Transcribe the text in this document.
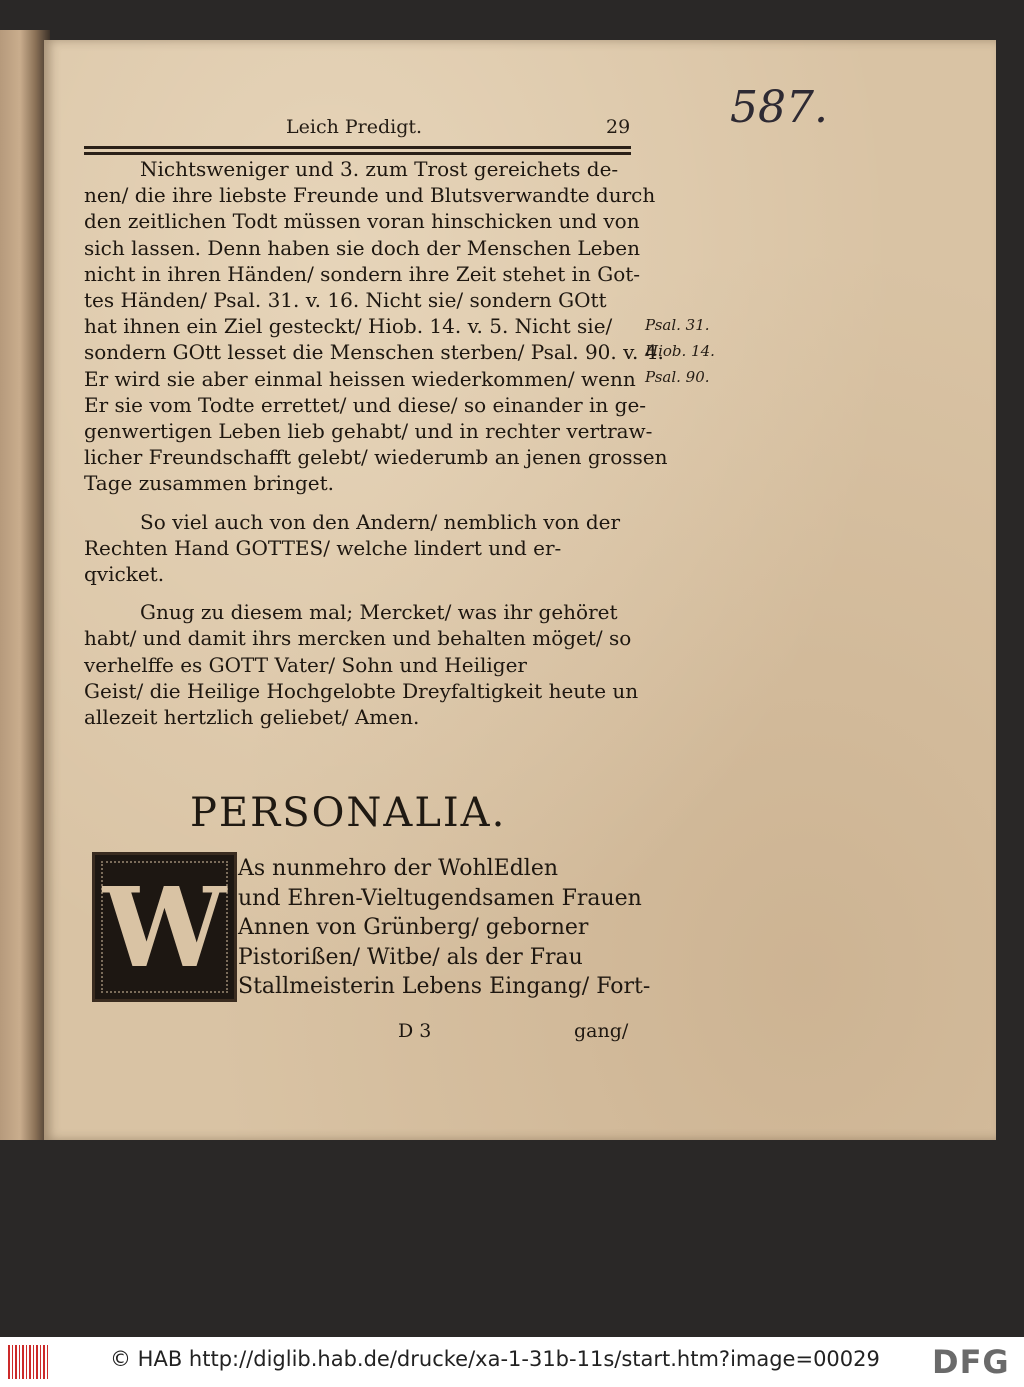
587.
Leich Predigt.	29

Nichtsweniger und 3. zum Trost gereichets de-
nen/ die ihre liebste Freunde und Blutsverwandte durch
den zeitlichen Todt müssen voran hinschicken und von
sich lassen. Denn haben sie doch der Menschen Leben
nicht in ihren Händen/ sondern ihre Zeit stehet in Got-
tes Händen/ Psal. 31. v. 16. Nicht sie/ sondern GOtt
hat ihnen ein Ziel gesteckt/ Hiob. 14. v. 5. Nicht sie/
sondern GOtt lesset die Menschen sterben/ Psal. 90. v. 4.
Er wird sie aber einmal heissen wiederkommen/ wenn
Er sie vom Todte errettet/ und diese/ so einander in ge-
genwertigen Leben lieb gehabt/ und in rechter vertraw-
licher Freundschafft gelebt/ wiederumb an jenen grossen
Tage zusammen bringet.

So viel auch von den Andern/ nemblich von der
Rechten Hand GOTTES/ welche lindert und er-
qvicket.

Gnug zu diesem mal; Mercket/ was ihr gehöret
habt/ und damit ihrs mercken und behalten möget/ so
verhelffe es GOTT Vater/ Sohn und Heiliger
Geist/ die Heilige Hochgelobte Dreyfaltigkeit heute un
allezeit hertzlich geliebet/ Amen.

Psal. 31.
Hiob. 14.
Psal. 90.
PERSONALIA.
W As nunmehro der WohlEdlen
und Ehren-Vieltugendsamen Frauen
Annen von Grünberg/ geborner
Pistorißen/ Witbe/ als der Frau
Stallmeisterin Lebens Eingang/ Fort-
D 3	gang/
© HAB http://diglib.hab.de/drucke/xa-1-31b-11s/start.htm?image=00029 DFG
